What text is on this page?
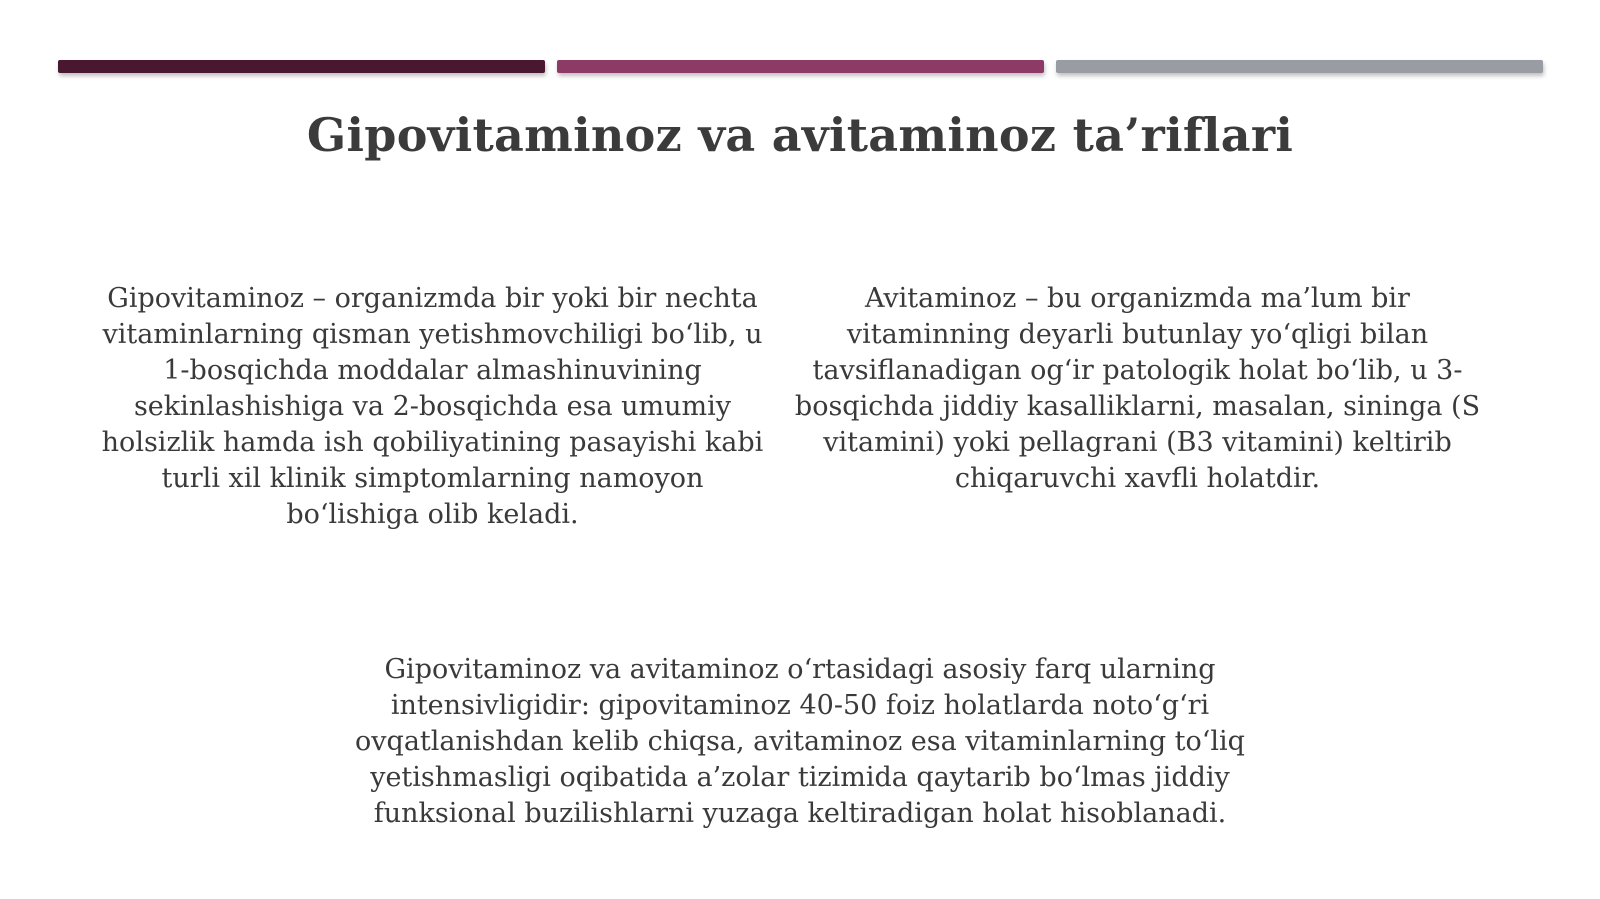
Gipovitaminoz va avitaminoz ta’riflari

Gipovitaminoz – organizmda bir yoki bir nechta vitaminlarning qisman yetishmovchiligi bo‘lib, u 1-bosqichda moddalar almashinuvining sekinlashishiga va 2-bosqichda esa umumiy holsizlik hamda ish qobiliyatining pasayishi kabi turli xil klinik simptomlarning namoyon bo‘lishiga olib keladi.

Avitaminoz – bu organizmda ma’lum bir vitaminning deyarli butunlay yo‘qligi bilan tavsiflanadigan og‘ir patologik holat bo‘lib, u 3-bosqichda jiddiy kasalliklarni, masalan, sininga (S vitamini) yoki pellagrani (B3 vitamini) keltirib chiqaruvchi xavfli holatdir.

Gipovitaminoz va avitaminoz o‘rtasidagi asosiy farq ularning intensivligidir: gipovitaminoz 40-50 foiz holatlarda noto‘g‘ri ovqatlanishdan kelib chiqsa, avitaminoz esa vitaminlarning to‘liq yetishmasligi oqibatida a’zolar tizimida qaytarib bo‘lmas jiddiy funksional buzilishlarni yuzaga keltiradigan holat hisoblanadi.
